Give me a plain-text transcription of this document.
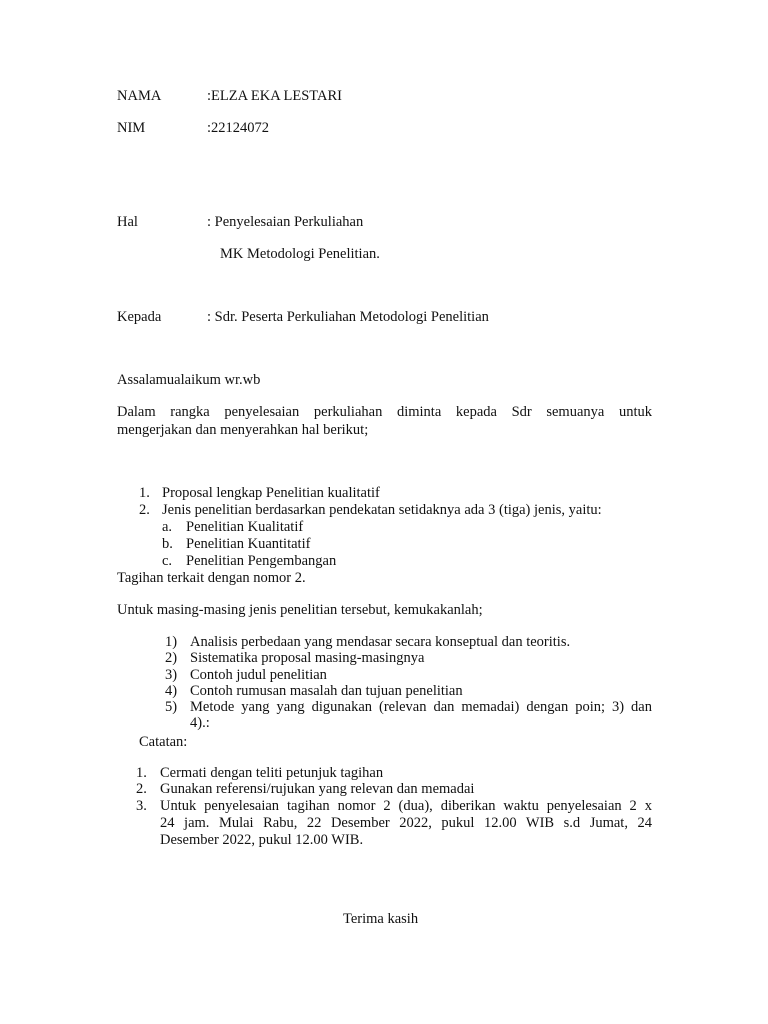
NAMA	:ELZA EKA LESTARI
NIM	:22124072
Hal	: Penyelesaian Perkuliahan
MK Metodologi Penelitian.
Kepada	: Sdr. Peserta Perkuliahan Metodologi Penelitian
Assalamualaikum wr.wb
Dalam rangka penyelesaian perkuliahan diminta kepada Sdr semuanya untuk
mengerjakan dan menyerahkan hal berikut;
1. Proposal lengkap Penelitian kualitatif
2. Jenis penelitian berdasarkan pendekatan setidaknya ada 3 (tiga) jenis, yaitu:
a. Penelitian Kualitatif
b. Penelitian Kuantitatif
c. Penelitian Pengembangan
Tagihan terkait dengan nomor 2.
Untuk masing-masing jenis penelitian tersebut, kemukakanlah;
1) Analisis perbedaan yang mendasar secara konseptual dan teoritis.
2) Sistematika proposal masing-masingnya
3) Contoh judul penelitian
4) Contoh rumusan masalah dan tujuan penelitian
5) Metode yang yang digunakan (relevan dan memadai) dengan poin; 3) dan
4).:
Catatan:
1. Cermati dengan teliti petunjuk tagihan
2. Gunakan referensi/rujukan yang relevan dan memadai
3. Untuk penyelesaian tagihan nomor 2 (dua), diberikan waktu penyelesaian 2 x
24 jam. Mulai Rabu, 22 Desember 2022, pukul 12.00 WIB s.d Jumat, 24
Desember 2022, pukul 12.00 WIB.
Terima kasih
